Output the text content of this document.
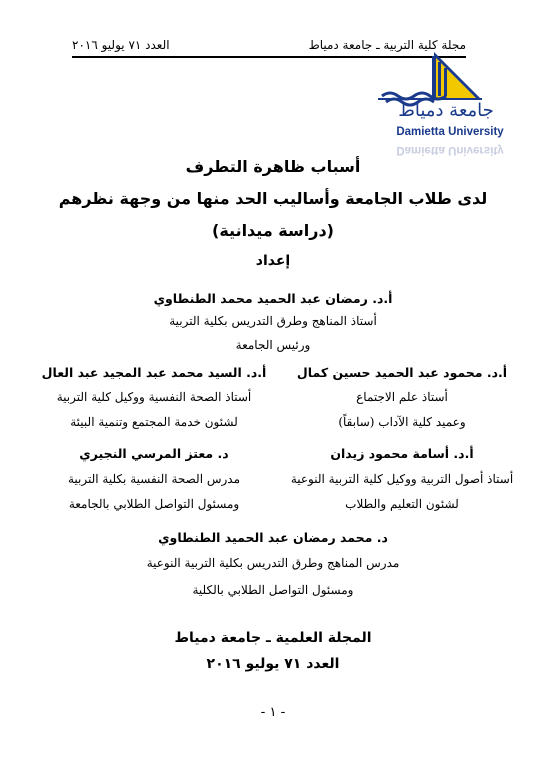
مجلة كلية التربية ـ جامعة دمياط
العدد ٧١ يوليو ٢٠١٦
جامعة دمياط
Damietta University
Damietta University
أسباب ظاهرة التطرف
لدى طلاب الجامعة وأساليب الحد منها من وجهة نظرهم
(دراسة ميدانية)
إعداد
أ.د. رمضان عبد الحميد محمد الطنطاوي
أستاذ المناهج وطرق التدريس بكلية التربية
ورئيس الجامعة
أ.د. محمود عبد الحميد حسين كمال
أستاذ علم الاجتماع
وعميد كلية الآداب (سابقاً)
أ.د. السيد محمد عبد المجيد عبد العال
أستاذ الصحة النفسية ووكيل كلية التربية
لشئون خدمة المجتمع وتنمية البيئة
أ.د. أسامة محمود زيدان
أستاذ أصول التربية ووكيل كلية التربية النوعية
لشئون التعليم والطلاب
د. معتز المرسي النجيري
مدرس الصحة النفسية بكلية التربية
ومسئول التواصل الطلابي بالجامعة
د. محمد رمضان عبد الحميد الطنطاوي
مدرس المناهج وطرق التدريس بكلية التربية النوعية
ومسئول التواصل الطلابي بالكلية
المجلة العلمية ـ جامعة دمياط
العدد ٧١ يوليو ٢٠١٦
- ١ -
